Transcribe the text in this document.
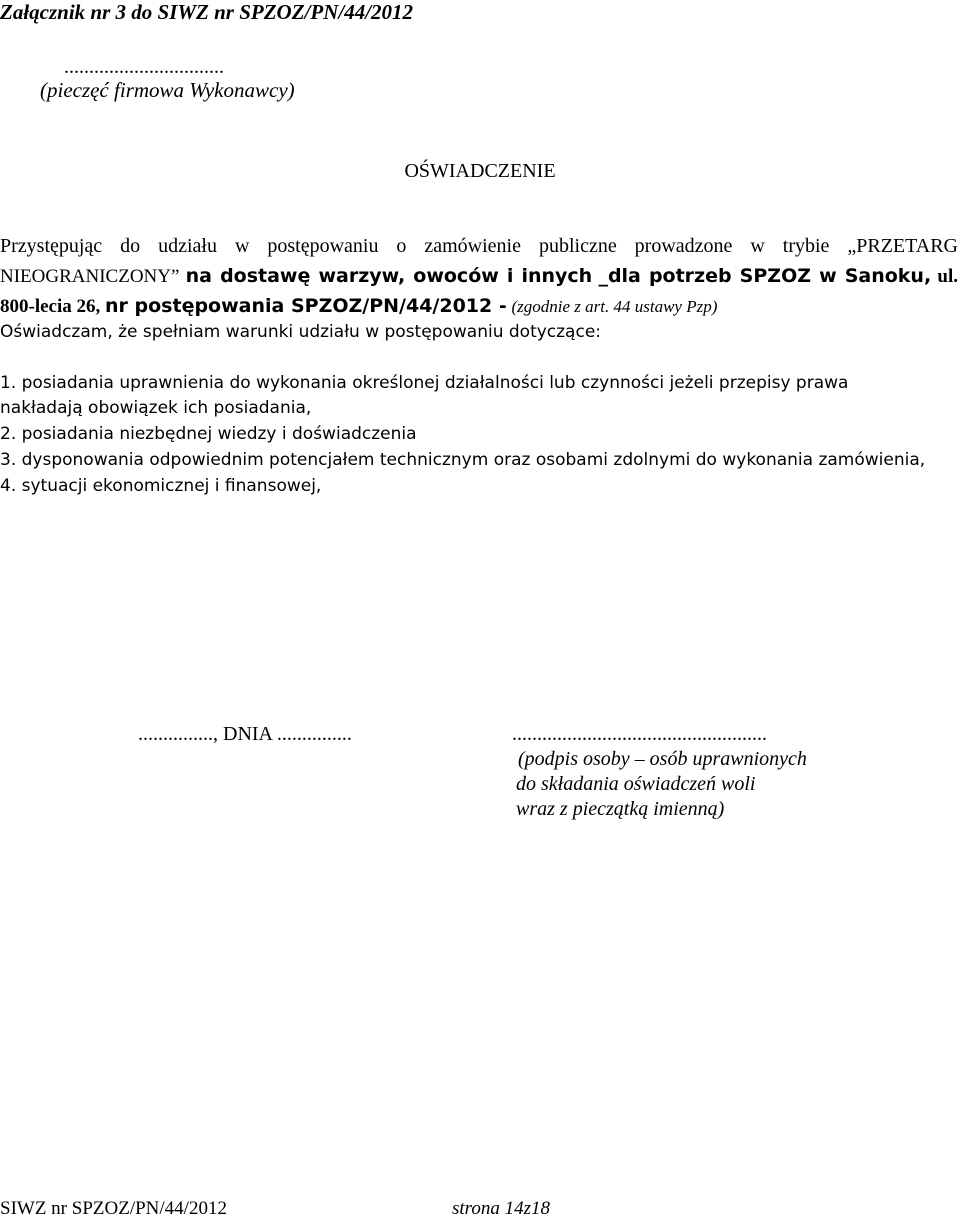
Załącznik nr 3 do SIWZ nr SPZOZ/PN/44/2012
................................
(pieczęć firmowa Wykonawcy)
OŚWIADCZENIE
Przystępując do udziału w postępowaniu o zamówienie publiczne prowadzone w trybie „PRZETARG
NIEOGRANICZONY” na dostawę warzyw, owoców i innych _dla potrzeb SPZOZ w Sanoku, ul.
800-lecia 26, nr postępowania SPZOZ/PN/44/2012 - (zgodnie z art. 44 ustawy Pzp)
Oświadczam, że spełniam warunki udziału w postępowaniu dotyczące:
1. posiadania uprawnienia do wykonania określonej działalności lub czynności jeżeli przepisy prawa
nakładają obowiązek ich posiadania,
2. posiadania niezbędnej wiedzy i doświadczenia
3. dysponowania odpowiednim potencjałem technicznym oraz osobami zdolnymi do wykonania zamówienia,
4. sytuacji ekonomicznej i finansowej,
..............., DNIA ...............	...................................................
(podpis osoby – osób uprawnionych
do składania oświadczeń woli
wraz z pieczątką imienną)
SIWZ nr SPZOZ/PN/44/2012	strona 14z18
